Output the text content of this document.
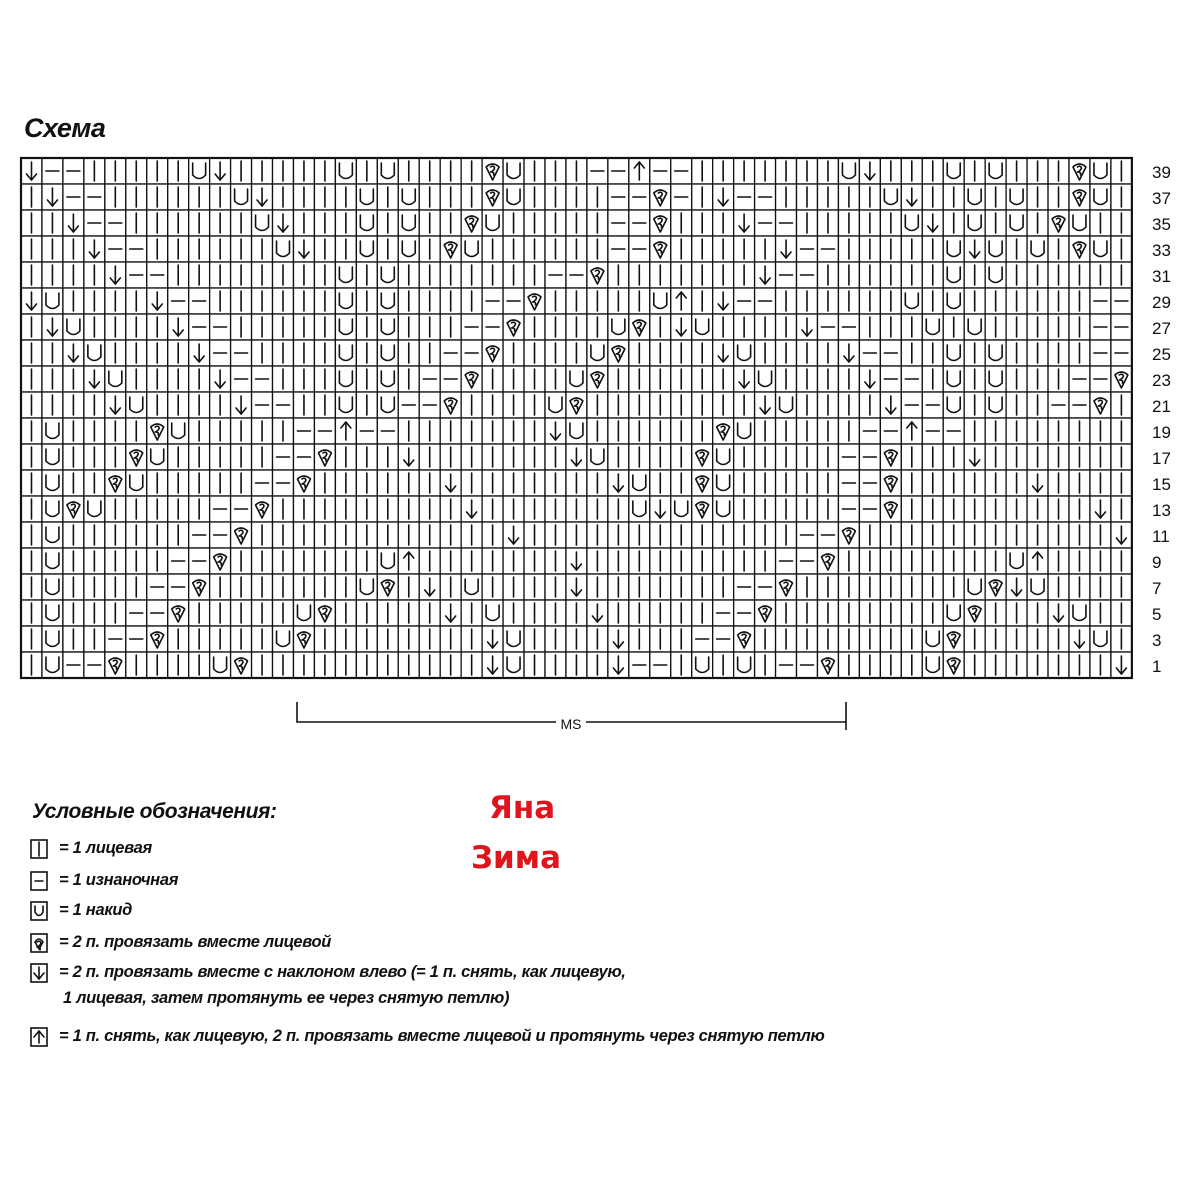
Схема
39
37
35
33
31
29
27
25
23
21
19
17
15
13
11
9
7
5
3
1
MS
Условные обозначения:
= 1 лицевая
= 1 изнаночная
= 1 накид
= 2 п. провязать вместе лицевой
= 2 п. провязать вместе с наклоном влево (= 1 п. снять, как лицевую,
1 лицевая, затем протянуть ее через снятую петлю)
= 1 п. снять, как лицевую, 2 п. провязать вместе лицевой и протянуть через снятую петлю
Яна
Зима
